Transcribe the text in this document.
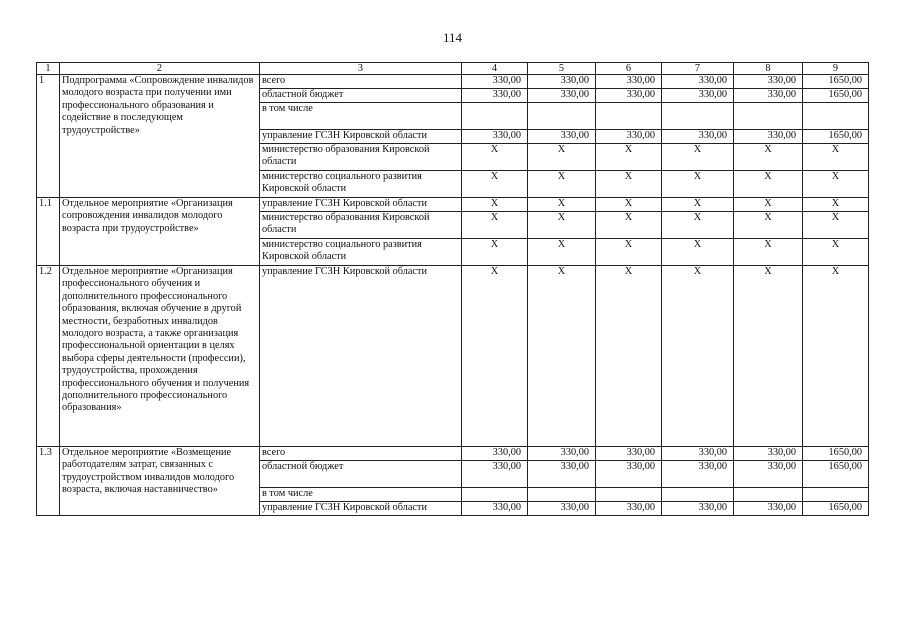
114
1	2	3	4	5	6	7	8	9
1	Подпрограмма «Сопровождение инвалидов молодого возраста при получении ими профессионального образования и содействие в последующем трудоустройстве»	всего	330,00	330,00	330,00	330,00	330,00	1650,00
		областной бюджет	330,00	330,00	330,00	330,00	330,00	1650,00
		в том числе						
		управление ГСЗН Кировской области	330,00	330,00	330,00	330,00	330,00	1650,00
		министерство образования Кировской области	Х	Х	Х	Х	Х	Х
		министерство социального развития Кировской области	Х	Х	Х	Х	Х	Х
1.1	Отдельное мероприятие «Организация сопровождения инвалидов молодого возраста при трудоустройстве»	управление ГСЗН Кировской области	Х	Х	Х	Х	Х	Х
		министерство образования Кировской области	Х	Х	Х	Х	Х	Х
		министерство социального развития Кировской области	Х	Х	Х	Х	Х	Х
1.2	Отдельное мероприятие «Организация профессионального обучения и дополнительного профессионального образования, включая обучение в другой местности, безработных инвалидов молодого возраста, а также организация профессиональной ориентации в целях выбора сферы деятельности (профессии), трудоустройства, прохождения профессионального обучения и получения дополнительного профессионального образования»	управление ГСЗН Кировской области	Х	Х	Х	Х	Х	Х
1.3	Отдельное мероприятие «Возмещение работодателям затрат, связанных с трудоустройством инвалидов молодого возраста, включая наставничество»	всего	330,00	330,00	330,00	330,00	330,00	1650,00
		областной бюджет	330,00	330,00	330,00	330,00	330,00	1650,00
		в том числе						
		управление ГСЗН Кировской области	330,00	330,00	330,00	330,00	330,00	1650,00
